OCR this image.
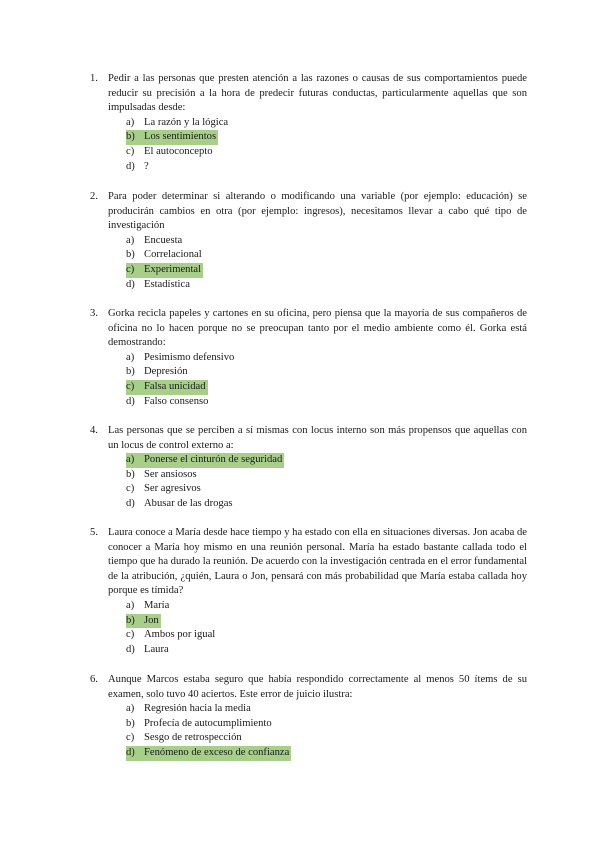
1. Pedir a las personas que presten atención a las razones o causas de sus comportamientos puede reducir su precisión a la hora de predecir futuras conductas, particularmente aquellas que son impulsadas desde:
a) La razón y la lógica
b) Los sentimientos
c) El autoconcepto
d) ?
2. Para poder determinar si alterando o modificando una variable (por ejemplo: educación) se producirán cambios en otra (por ejemplo: ingresos), necesitamos llevar a cabo qué tipo de investigación
a) Encuesta
b) Correlacional
c) Experimental
d) Estadística
3. Gorka recicla papeles y cartones en su oficina, pero piensa que la mayoría de sus compañeros de oficina no lo hacen porque no se preocupan tanto por el medio ambiente como él. Gorka está demostrando:
a) Pesimismo defensivo
b) Depresión
c) Falsa unicidad
d) Falso consenso
4. Las personas que se perciben a sí mismas con locus interno son más propensos que aquellas con un locus de control externo a:
a) Ponerse el cinturón de seguridad
b) Ser ansiosos
c) Ser agresivos
d) Abusar de las drogas
5. Laura conoce a María desde hace tiempo y ha estado con ella en situaciones diversas. Jon acaba de conocer a María hoy mismo en una reunión personal. María ha estado bastante callada todo el tiempo que ha durado la reunión. De acuerdo con la investigación centrada en el error fundamental de la atribución, ¿quién, Laura o Jon, pensará con más probabilidad que María estaba callada hoy porque es tímida?
a) María
b) Jon
c) Ambos por igual
d) Laura
6. Aunque Marcos estaba seguro que había respondido correctamente al menos 50 ítems de su examen, solo tuvo 40 aciertos. Este error de juicio ilustra:
a) Regresión hacia la media
b) Profecía de autocumplimiento
c) Sesgo de retrospección
d) Fenómeno de exceso de confianza
